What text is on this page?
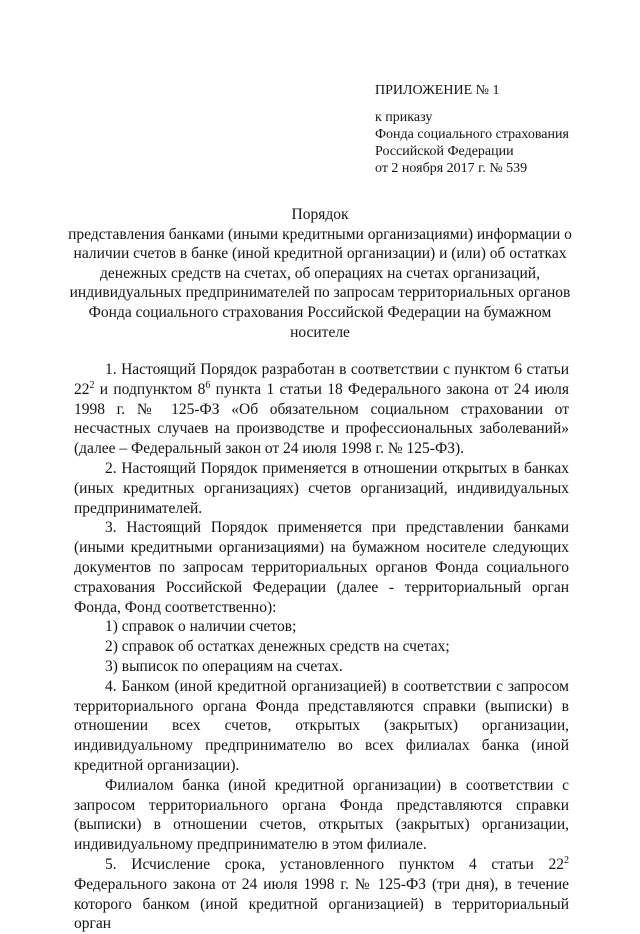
ПРИЛОЖЕНИЕ № 1
к приказу
Фонда социального страхования
Российской Федерации
от 2 ноября 2017 г. № 539
Порядок
представления банками (иными кредитными организациями) информации о наличии счетов в банке (иной кредитной организации) и (или) об остатках денежных средств на счетах, об операциях на счетах организаций, индивидуальных предпринимателей по запросам территориальных органов Фонда социального страхования Российской Федерации на бумажном носителе

1. Настоящий Порядок разработан в соответствии с пунктом 6 статьи $22^2$ и подпунктом $8^6$ пункта 1 статьи 18 Федерального закона от 24 июля 1998 г. № 125-ФЗ «Об обязательном социальном страховании от несчастных случаев на производстве и профессиональных заболеваний» (далее – Федеральный закон от 24 июля 1998 г. № 125-ФЗ).

2. Настоящий Порядок применяется в отношении открытых в банках (иных кредитных организациях) счетов организаций, индивидуальных предпринимателей.

3. Настоящий Порядок применяется при представлении банками (иными кредитными организациями) на бумажном носителе следующих документов по запросам территориальных органов Фонда социального страхования Российской Федерации (далее - территориальный орган Фонда, Фонд соответственно):

1) справок о наличии счетов;

2) справок об остатках денежных средств на счетах;

3) выписок по операциям на счетах.

4. Банком (иной кредитной организацией) в соответствии с запросом территориального органа Фонда представляются справки (выписки) в отношении всех счетов, открытых (закрытых) организации, индивидуальному предпринимателю во всех филиалах банка (иной кредитной организации).

Филиалом банка (иной кредитной организации) в соответствии с запросом территориального органа Фонда представляются справки (выписки) в отношении счетов, открытых (закрытых) организации, индивидуальному предпринимателю в этом филиале.

5. Исчисление срока, установленного пунктом 4 статьи $22^2$ Федерального закона от 24 июля 1998 г. № 125-ФЗ (три дня), в течение которого банком (иной кредитной организацией) в территориальный орган
